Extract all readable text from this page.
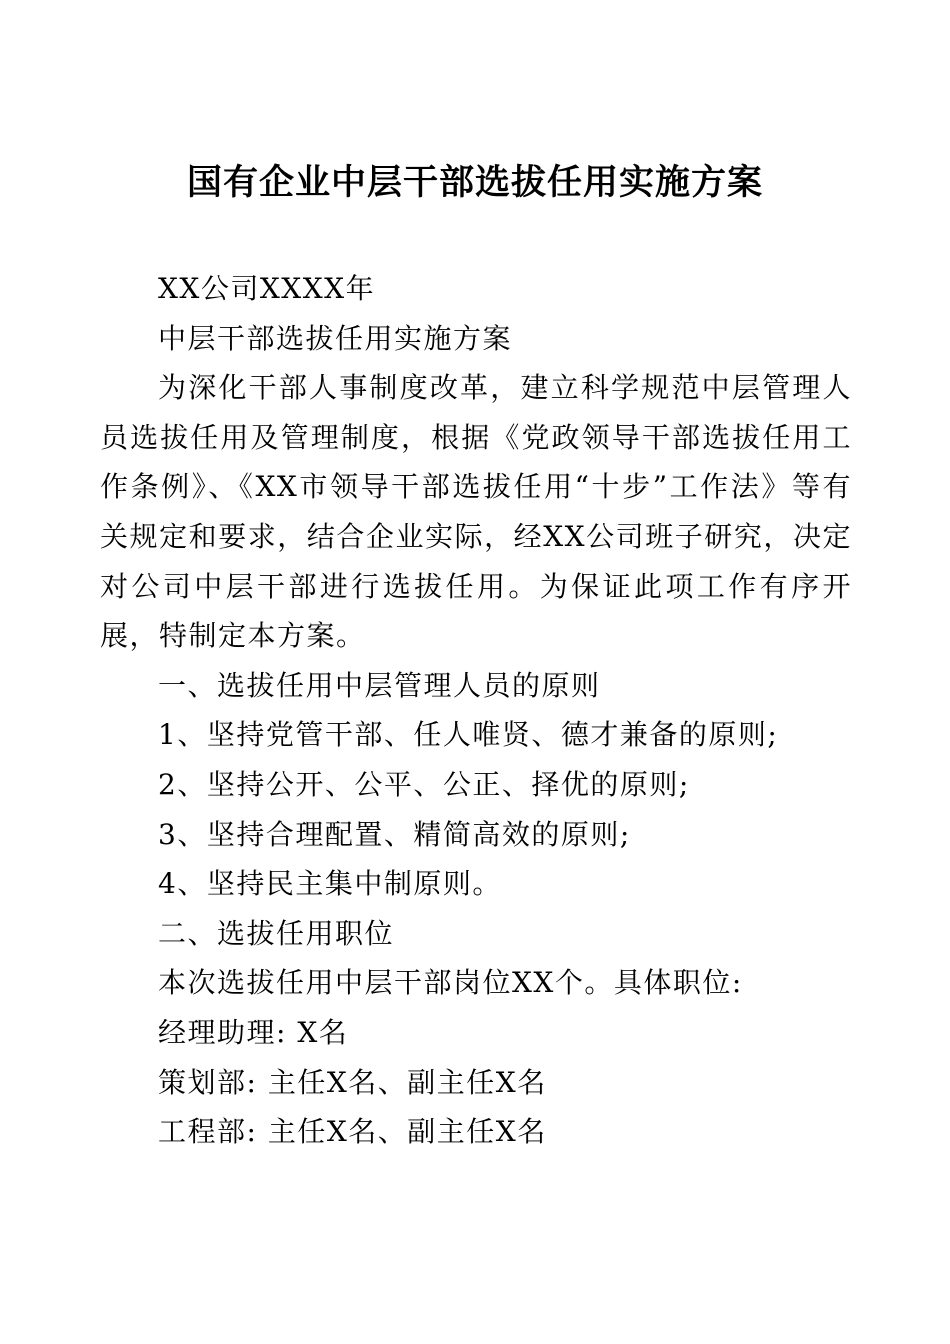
国有企业中层干部选拔任用实施方案

XX公司XXXX年

中层干部选拔任用实施方案

为深化干部人事制度改革，建立科学规范中层管理人员选拔任用及管理制度，根据《党政领导干部选拔任用工作条例》、《XX市领导干部选拔任用“十步”工作法》等有关规定和要求，结合企业实际，经XX公司班子研究，决定对公司中层干部进行选拔任用。为保证此项工作有序开展，特制定本方案。

一、选拔任用中层管理人员的原则

1、坚持党管干部、任人唯贤、德才兼备的原则;

2、坚持公开、公平、公正、择优的原则;

3、坚持合理配置、精简高效的原则;

4、坚持民主集中制原则。

二、选拔任用职位

本次选拔任用中层干部岗位XX个。具体职位:

经理助理: X名

策划部: 主任X名、副主任X名

工程部: 主任X名、副主任X名
